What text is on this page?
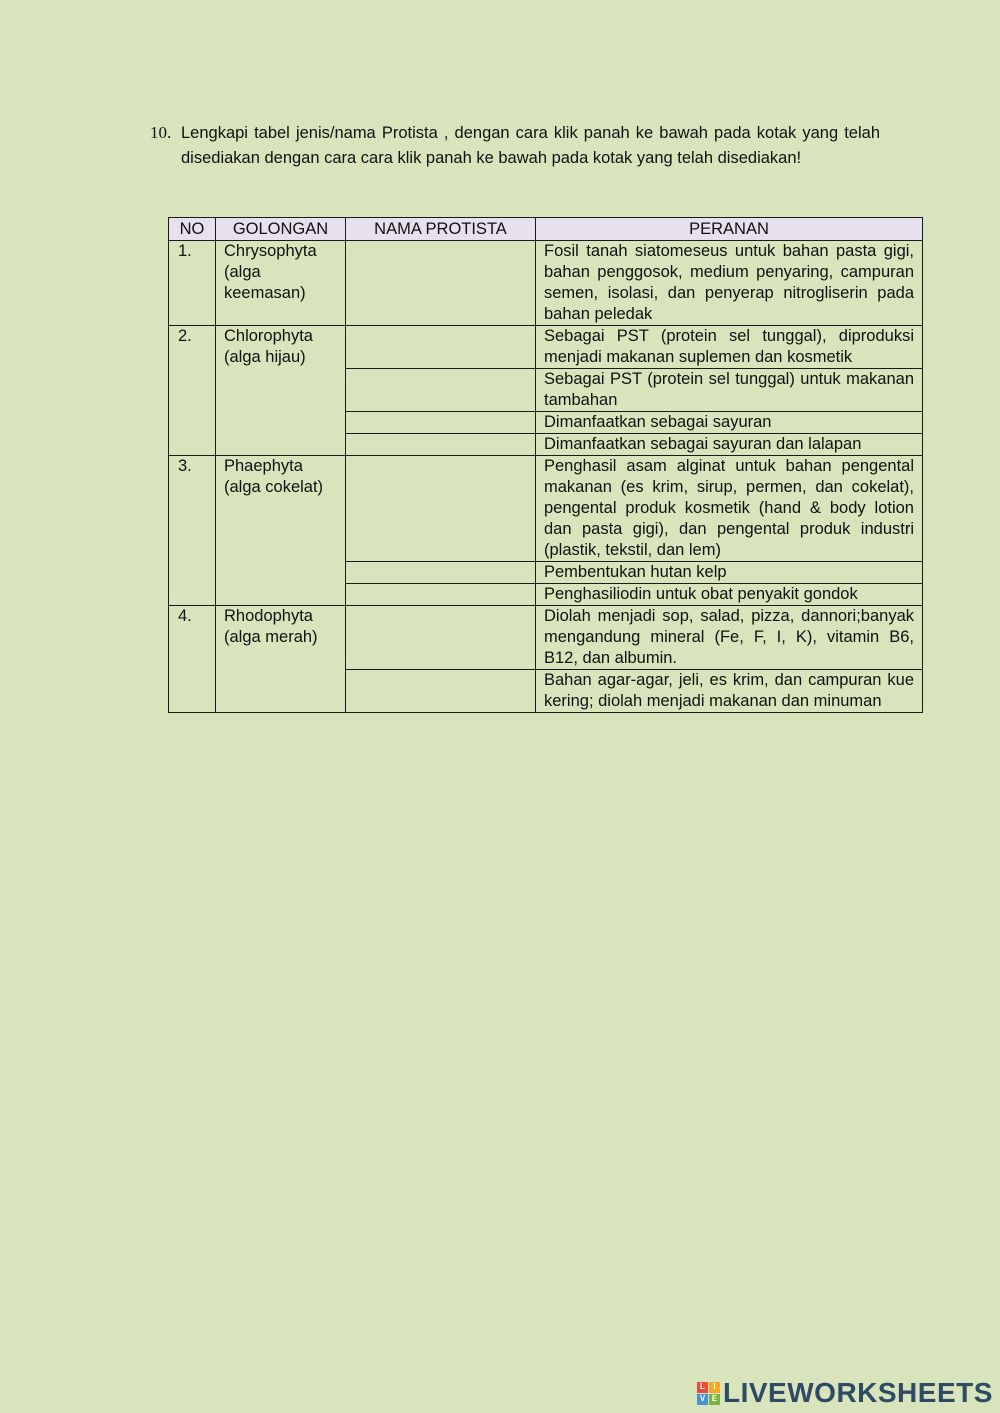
10. Lengkapi tabel jenis/nama Protista , dengan cara klik panah ke bawah pada kotak yang telah disediakan dengan cara cara klik panah ke bawah pada kotak yang telah disediakan!
NO	GOLONGAN	NAMA PROTISTA	PERANAN
1.	Chrysophyta (alga keemasan)		Fosil tanah siatomeseus untuk bahan pasta gigi, bahan penggosok, medium penyaring, campuran semen, isolasi, dan penyerap nitrogliserin pada bahan peledak
2.	Chlorophyta (alga hijau)		Sebagai PST (protein sel tunggal), diproduksi menjadi makanan suplemen dan kosmetik

			Sebagai PST (protein sel tunggal) untuk makanan tambahan

			Dimanfaatkan sebagai sayuran

			Dimanfaatkan sebagai sayuran dan lalapan
3.	Phaephyta (alga cokelat)		Penghasil asam alginat untuk bahan pengental makanan (es krim, sirup, permen, dan cokelat), pengental produk kosmetik (hand & body lotion dan pasta gigi), dan pengental produk industri (plastik, tekstil, dan lem)

			Pembentukan hutan kelp

			Penghasiliodin untuk obat penyakit gondok
4.	Rhodophyta (alga merah)		Diolah menjadi sop, salad, pizza, dannori;banyak mengandung mineral (Fe, F, I, K), vitamin B6, B12, dan albumin.

			Bahan agar-agar, jeli, es krim, dan campuran kue kering; diolah menjadi makanan dan minuman
L	I
V E LIVEWORKSHEETS
